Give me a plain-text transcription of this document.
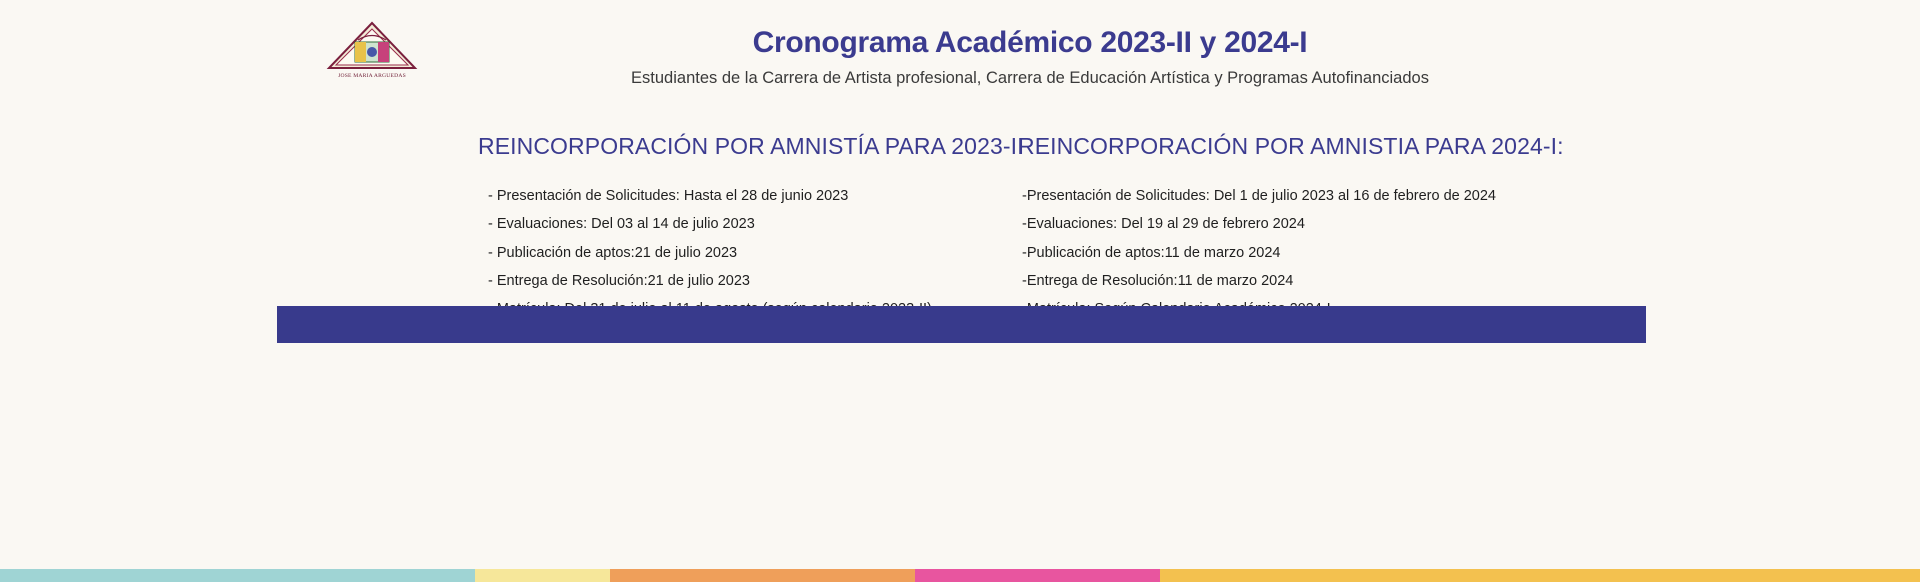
JOSE MARIA ARGUEDAS
Cronograma Académico 2023-II y 2024-I
Estudiantes de la Carrera de Artista profesional, Carrera de Educación Artística y Programas Autofinanciados
REINCORPORACIÓN POR AMNISTÍA PARA 2023-II
- Presentación de Solicitudes: Hasta el 28 de junio 2023
- Evaluaciones: Del 03 al 14 de julio 2023
- Publicación de aptos:21 de julio 2023
- Entrega de Resolución:21 de julio 2023
REINCORPORACIÓN POR AMNISTIA PARA 2024-I:
-Presentación de Solicitudes: Del 1 de julio 2023 al 16 de febrero de 2024
-Evaluaciones: Del 19 al 29 de febrero 2024
-Publicación de aptos:11 de marzo 2024
-Entrega de Resolución:11 de marzo 2024
